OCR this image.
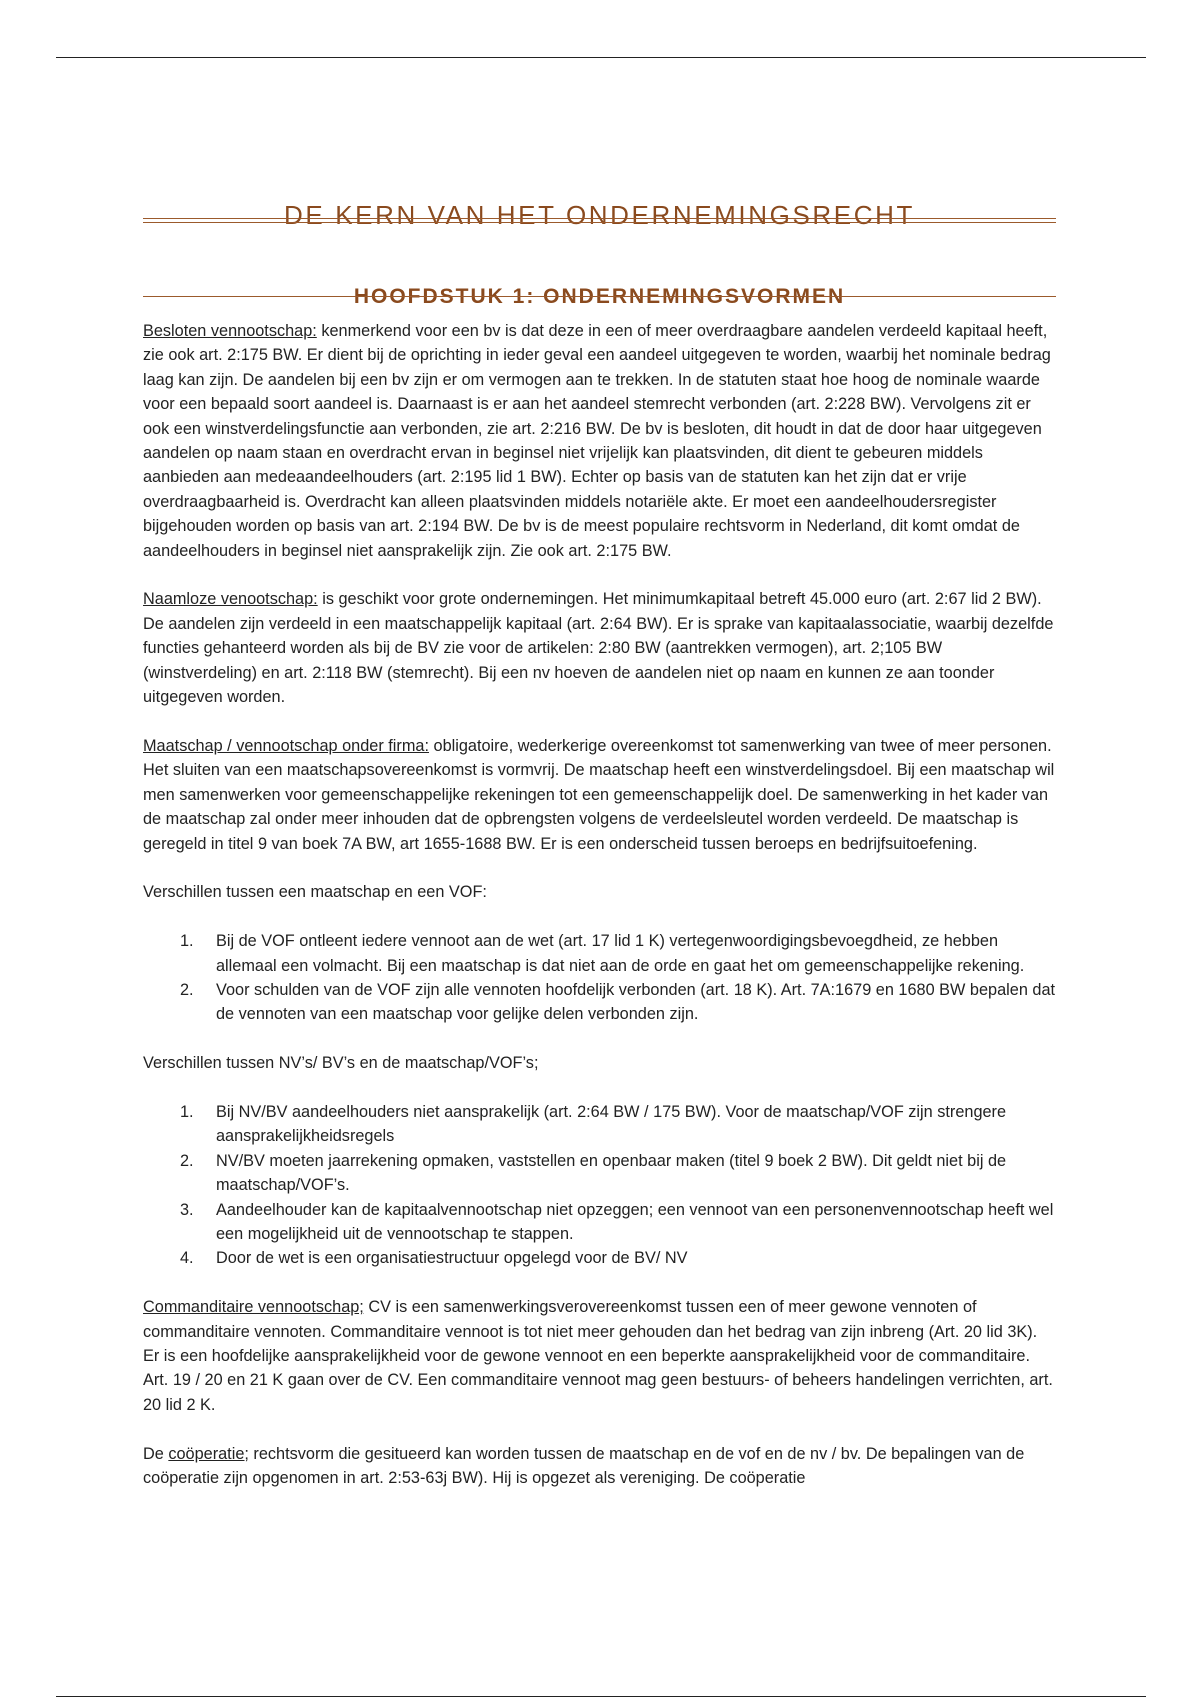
DE KERN VAN HET ONDERNEMINGSRECHT
HOOFDSTUK 1: ONDERNEMINGSVORMEN

Besloten vennootschap: kenmerkend voor een bv is dat deze in een of meer overdraagbare aandelen verdeeld kapitaal heeft, zie ook art. 2:175 BW. Er dient bij de oprichting in ieder geval een aandeel uitgegeven te worden, waarbij het nominale bedrag laag kan zijn. De aandelen bij een bv zijn er om vermogen aan te trekken. In de statuten staat hoe hoog de nominale waarde voor een bepaald soort aandeel is. Daarnaast is er aan het aandeel stemrecht verbonden (art. 2:228 BW). Vervolgens zit er ook een winstverdelingsfunctie aan verbonden, zie art. 2:216 BW. De bv is besloten, dit houdt in dat de door haar uitgegeven aandelen op naam staan en overdracht ervan in beginsel niet vrijelijk kan plaatsvinden, dit dient te gebeuren middels aanbieden aan medeaandeelhouders (art. 2:195 lid 1 BW). Echter op basis van de statuten kan het zijn dat er vrije overdraagbaarheid is. Overdracht kan alleen plaatsvinden middels notariële akte. Er moet een aandeelhoudersregister bijgehouden worden op basis van art. 2:194 BW. De bv is de meest populaire rechtsvorm in Nederland, dit komt omdat de aandeelhouders in beginsel niet aansprakelijk zijn. Zie ook art. 2:175 BW.

Naamloze venootschap: is geschikt voor grote ondernemingen. Het minimumkapitaal betreft 45.000 euro (art. 2:67 lid 2 BW). De aandelen zijn verdeeld in een maatschappelijk kapitaal (art. 2:64 BW). Er is sprake van kapitaalassociatie, waarbij dezelfde functies gehanteerd worden als bij de BV zie voor de artikelen: 2:80 BW (aantrekken vermogen), art. 2;105 BW (winstverdeling) en art. 2:118 BW (stemrecht). Bij een nv hoeven de aandelen niet op naam en kunnen ze aan toonder uitgegeven worden.

Maatschap / vennootschap onder firma: obligatoire, wederkerige overeenkomst tot samenwerking van twee of meer personen. Het sluiten van een maatschapsovereenkomst is vormvrij. De maatschap heeft een winstverdelingsdoel. Bij een maatschap wil men samenwerken voor gemeenschappelijke rekeningen tot een gemeenschappelijk doel. De samenwerking in het kader van de maatschap zal onder meer inhouden dat de opbrengsten volgens de verdeelsleutel worden verdeeld. De maatschap is geregeld in titel 9 van boek 7A BW, art 1655-1688 BW. Er is een onderscheid tussen beroeps en bedrijfsuitoefening.

Verschillen tussen een maatschap en een VOF:

1. Bij de VOF ontleent iedere vennoot aan de wet (art. 17 lid 1 K) vertegenwoordigingsbevoegdheid, ze hebben allemaal een volmacht. Bij een maatschap is dat niet aan de orde en gaat het om gemeenschappelijke rekening.
2. Voor schulden van de VOF zijn alle vennoten hoofdelijk verbonden (art. 18 K). Art. 7A:1679 en 1680 BW bepalen dat de vennoten van een maatschap voor gelijke delen verbonden zijn.

Verschillen tussen NV’s/ BV’s en de maatschap/VOF’s;

1. Bij NV/BV aandeelhouders niet aansprakelijk (art. 2:64 BW / 175 BW). Voor de maatschap/VOF zijn strengere aansprakelijkheidsregels
2. NV/BV moeten jaarrekening opmaken, vaststellen en openbaar maken (titel 9 boek 2 BW). Dit geldt niet bij de maatschap/VOF’s.
3. Aandeelhouder kan de kapitaalvennootschap niet opzeggen; een vennoot van een personenvennootschap heeft wel een mogelijkheid uit de vennootschap te stappen.
4. Door de wet is een organisatiestructuur opgelegd voor de BV/ NV

Commanditaire vennootschap; CV is een samenwerkingsverovereenkomst tussen een of meer gewone vennoten of commanditaire vennoten. Commanditaire vennoot is tot niet meer gehouden dan het bedrag van zijn inbreng (Art. 20 lid 3K). Er is een hoofdelijke aansprakelijkheid voor de gewone vennoot en een beperkte aansprakelijkheid voor de commanditaire. Art. 19 / 20 en 21 K gaan over de CV. Een commanditaire vennoot mag geen bestuurs- of beheers handelingen verrichten, art. 20 lid 2 K.

De coöperatie; rechtsvorm die gesitueerd kan worden tussen de maatschap en de vof en de nv / bv. De bepalingen van de coöperatie zijn opgenomen in art. 2:53-63j BW). Hij is opgezet als vereniging. De coöperatie
